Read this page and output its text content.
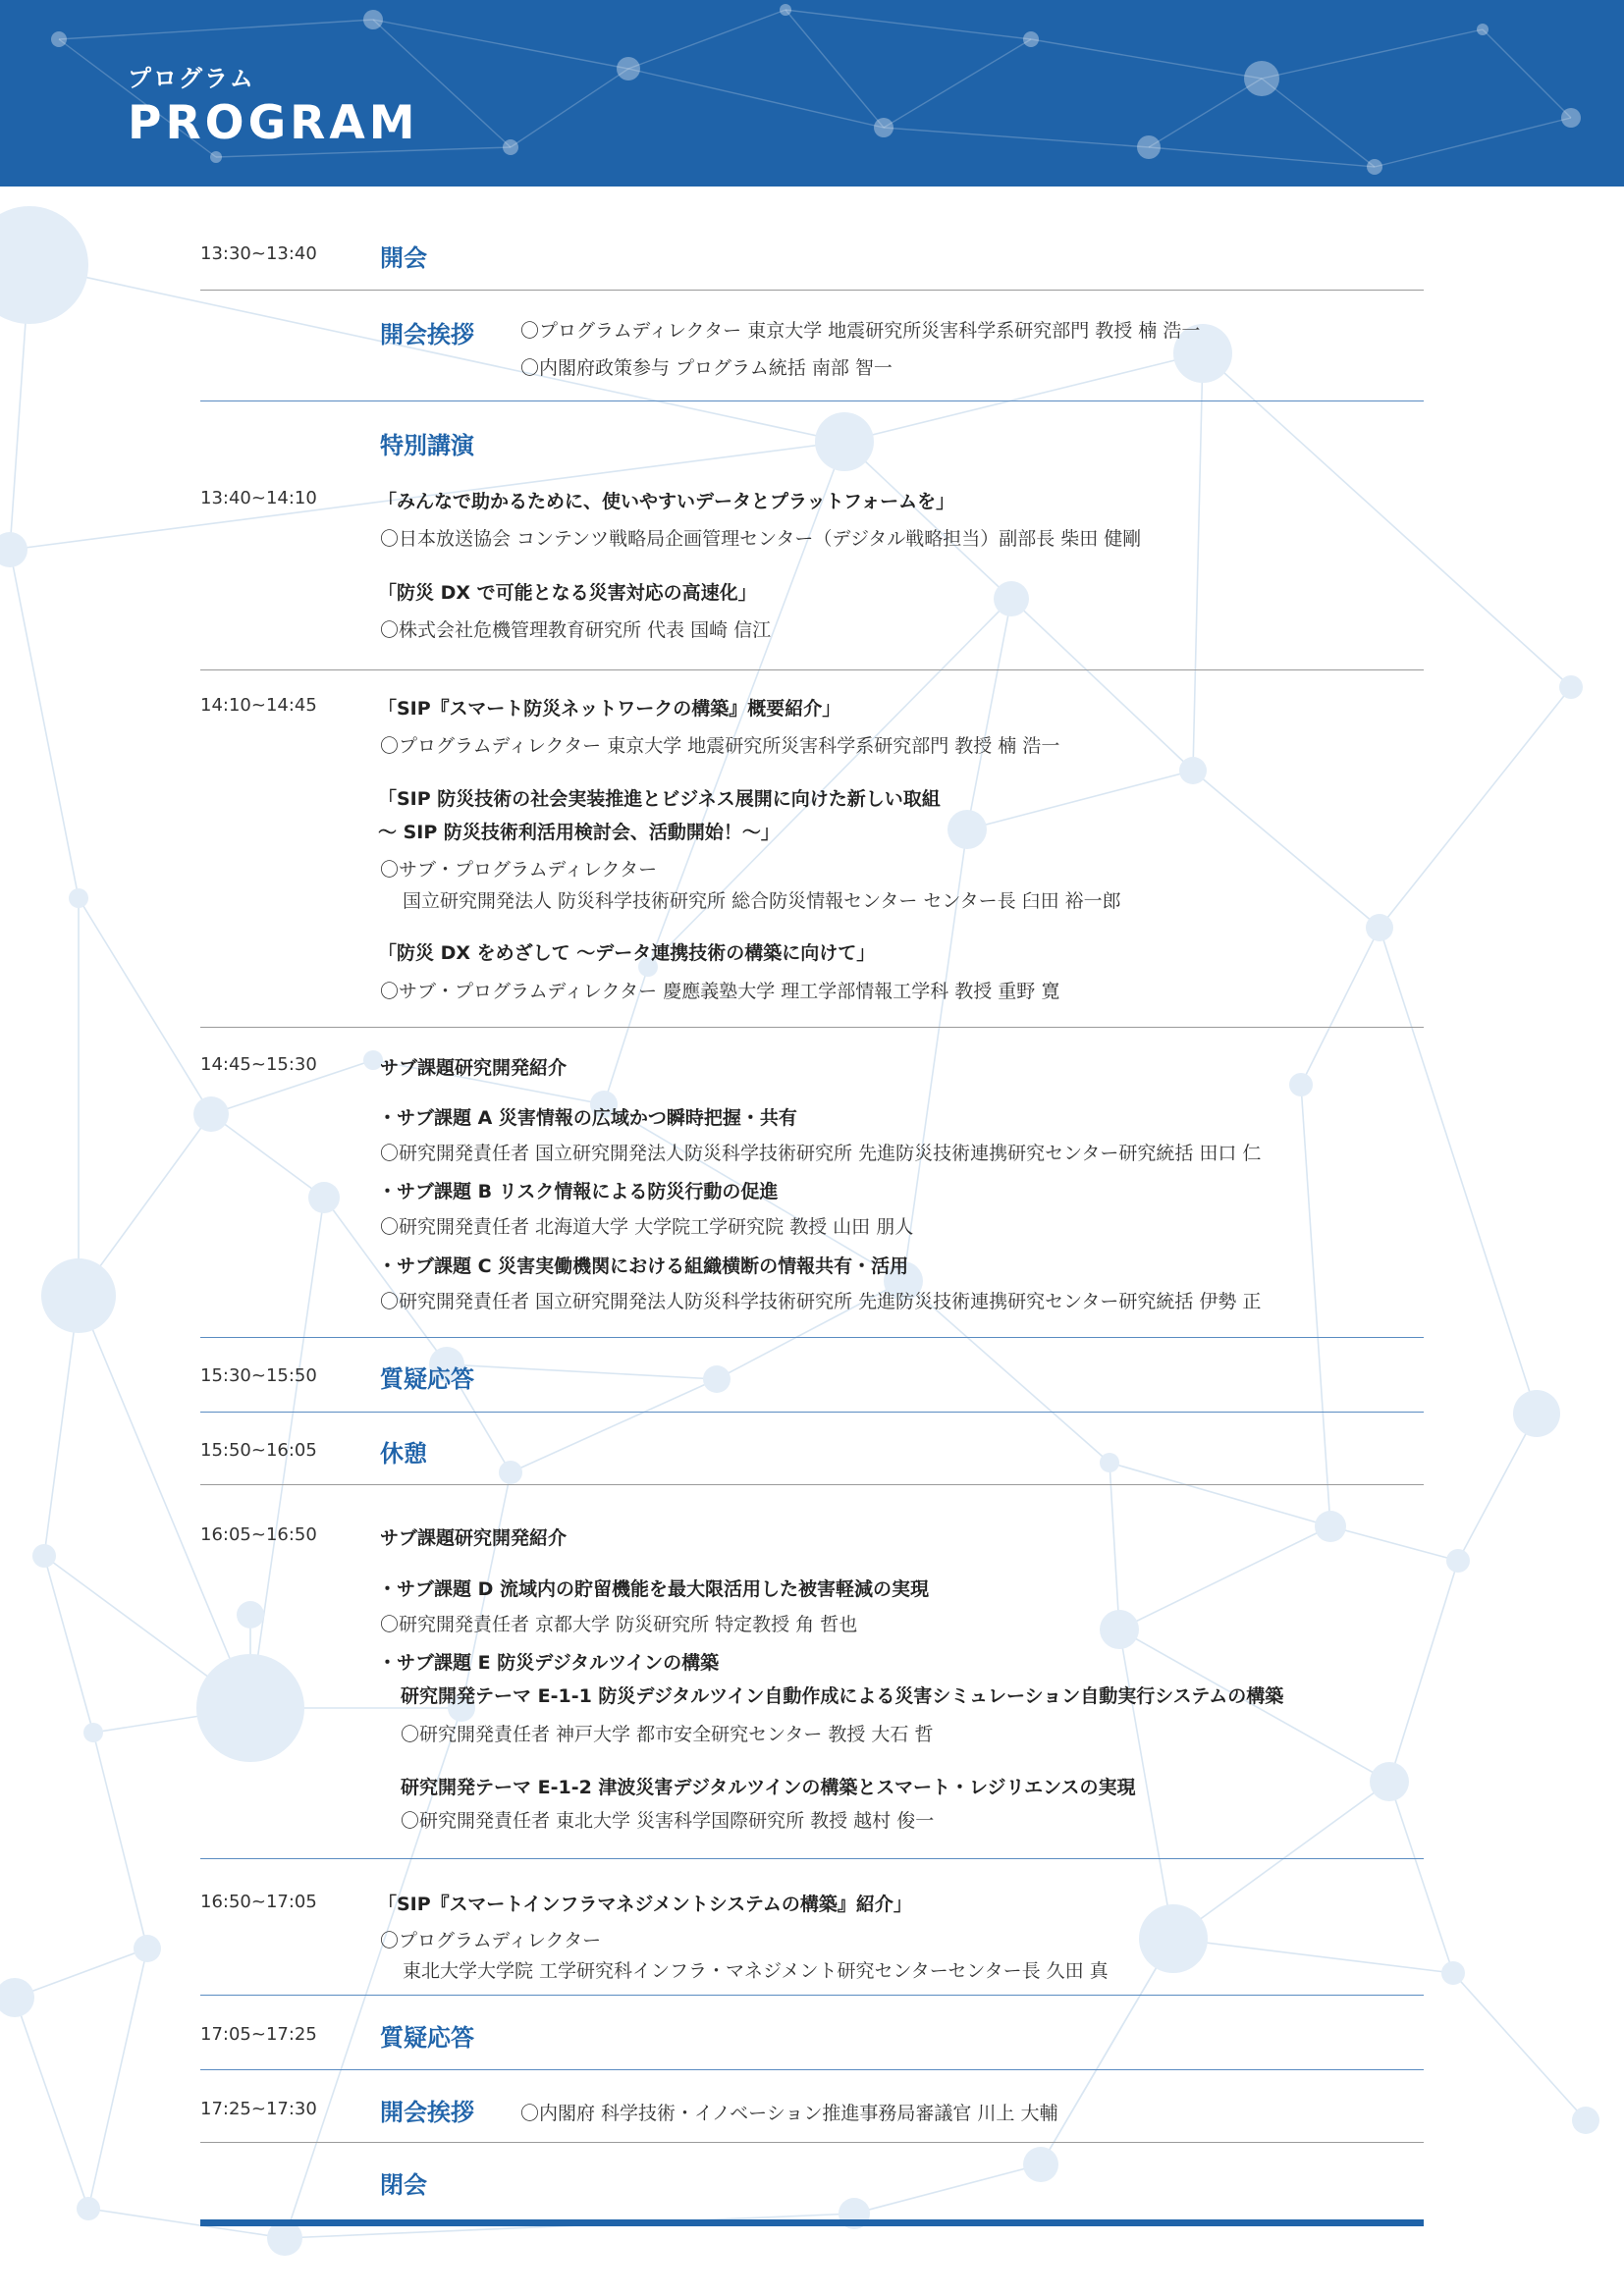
プログラム
PROGRAM
13:30~13:40	開会
開会挨拶 〇プログラムディレクター 東京大学 地震研究所災害科学系研究部門 教授 楠 浩一
〇内閣府政策参与 プログラム統括 南部 智一
特別講演
13:40~14:10	「みんなで助かるために、使いやすいデータとプラットフォームを」
〇日本放送協会 コンテンツ戦略局企画管理センター（デジタル戦略担当）副部長 柴田 健剛
「防災 DX で可能となる災害対応の高速化」
〇株式会社危機管理教育研究所 代表 国崎 信江
14:10~14:45	「SIP『スマート防災ネットワークの構築』概要紹介」
〇プログラムディレクター 東京大学 地震研究所災害科学系研究部門 教授 楠 浩一
「SIP 防災技術の社会実装推進とビジネス展開に向けた新しい取組
～ SIP 防災技術利活用検討会、活動開始！～」
〇サブ・プログラムディレクター
国立研究開発法人 防災科学技術研究所 総合防災情報センター センター長 臼田 裕一郎
「防災 DX をめざして ～データ連携技術の構築に向けて」
〇サブ・プログラムディレクター 慶應義塾大学 理工学部情報工学科 教授 重野 寛
14:45~15:30	サブ課題研究開発紹介
・サブ課題 A 災害情報の広域かつ瞬時把握・共有
〇研究開発責任者 国立研究開発法人防災科学技術研究所 先進防災技術連携研究センター研究統括 田口 仁
・サブ課題 B リスク情報による防災行動の促進
〇研究開発責任者 北海道大学 大学院工学研究院 教授 山田 朋人
・サブ課題 C 災害実働機関における組織横断の情報共有・活用
〇研究開発責任者 国立研究開発法人防災科学技術研究所 先進防災技術連携研究センター研究統括 伊勢 正
15:30~15:50	質疑応答
15:50~16:05	休憩
16:05~16:50	サブ課題研究開発紹介
・サブ課題 D 流域内の貯留機能を最大限活用した被害軽減の実現
〇研究開発責任者 京都大学 防災研究所 特定教授 角 哲也
・サブ課題 E 防災デジタルツインの構築
研究開発テーマ E-1-1 防災デジタルツイン自動作成による災害シミュレーション自動実行システムの構築
〇研究開発責任者 神戸大学 都市安全研究センター 教授 大石 哲
研究開発テーマ E-1-2 津波災害デジタルツインの構築とスマート・レジリエンスの実現
〇研究開発責任者 東北大学 災害科学国際研究所 教授 越村 俊一
16:50~17:05	「SIP『スマートインフラマネジメントシステムの構築』紹介」
〇プログラムディレクター
東北大学大学院 工学研究科インフラ・マネジメント研究センターセンター長 久田 真
17:05~17:25	質疑応答
17:25~17:30	開会挨拶 〇内閣府 科学技術・イノベーション推進事務局審議官 川上 大輔
閉会
